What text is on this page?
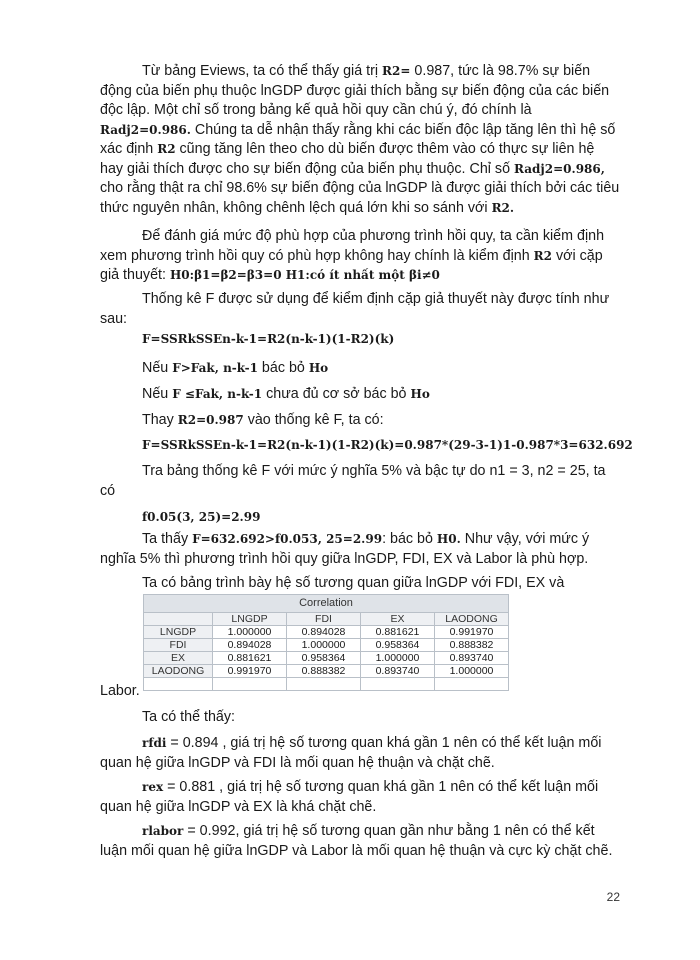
Từ bảng Eviews, ta có thể thấy giá trị R2= 0.987, tức là 98.7% sự biến động của biến phụ thuộc lnGDP được giải thích bằng sự biến động của các biến độc lập. Một chỉ số trong bảng kế quả hồi quy cần chú ý, đó chính là Radj2=0.986. Chúng ta dễ nhận thấy rằng khi các biến độc lập tăng lên thì hệ số xác định R2 cũng tăng lên theo cho dù biến được thêm vào có thực sự liên hệ hay giải thích được cho sự biến động của biến phụ thuộc. Chỉ số Radj2=0.986, cho rằng thật ra chỉ 98.6% sự biến động của lnGDP là được giải thích bởi các tiêu thức nguyên nhân, không chênh lệch quá lớn khi so sánh với R2.

Để đánh giá mức độ phù hợp của phương trình hồi quy, ta cần kiểm định xem phương trình hồi quy có phù hợp không hay chính là kiểm định R2 với cặp giả thuyết: H0:β1=β2=β3=0 H1:có ít nhất một βi≠0

Thống kê F được sử dụng để kiểm định cặp giả thuyết này được tính như sau:

F=SSRkSSEn-k-1=R2(n-k-1)(1-R2)(k)
Nếu F>Fak, n-k-1 bác bỏ Ho
Nếu F ≤Fak, n-k-1 chưa đủ cơ sở bác bỏ Ho
Thay R2=0.987 vào thống kê F, ta có:
F=SSRkSSEn-k-1=R2(n-k-1)(1-R2)(k)=0.987*(29-3-1)1-0.987*3=632.692

Tra bảng thống kê F với mức ý nghĩa 5% và bậc tự do n1 = 3, n2 = 25, ta có

f0.05(3, 25)=2.99

Ta thấy F=632.692>f0.053, 25=2.99: bác bỏ H0. Như vậy, với mức ý nghĩa 5% thì phương trình hồi quy giữa lnGDP, FDI, EX và Labor là phù hợp.

Ta có bảng trình bày hệ số tương quan giữa lnGDP với FDI, EX và
Correlation
	LNGDP	FDI	EX	LAODONG
LNGDP	1.000000	0.894028	0.881621	0.991970
FDI	0.894028	1.000000	0.958364	0.888382
EX	0.881621	0.958364	1.000000	0.893740
LAODONG	0.991970	0.888382	0.893740	1.000000

Labor.
Ta có thể thấy:

rfdi = 0.894 , giá trị hệ số tương quan khá gần 1 nên có thể kết luận mối quan hệ giữa lnGDP và FDI là mối quan hệ thuận và chặt chẽ.

rex = 0.881 , giá trị hệ số tương quan khá gần 1 nên có thể kết luận mối quan hệ giữa lnGDP và EX là khá chặt chẽ.

rlabor = 0.992, giá trị hệ số tương quan gần như bằng 1 nên có thể kết luận mối quan hệ giữa lnGDP và Labor là mối quan hệ thuận và cực kỳ chặt chẽ.

22
